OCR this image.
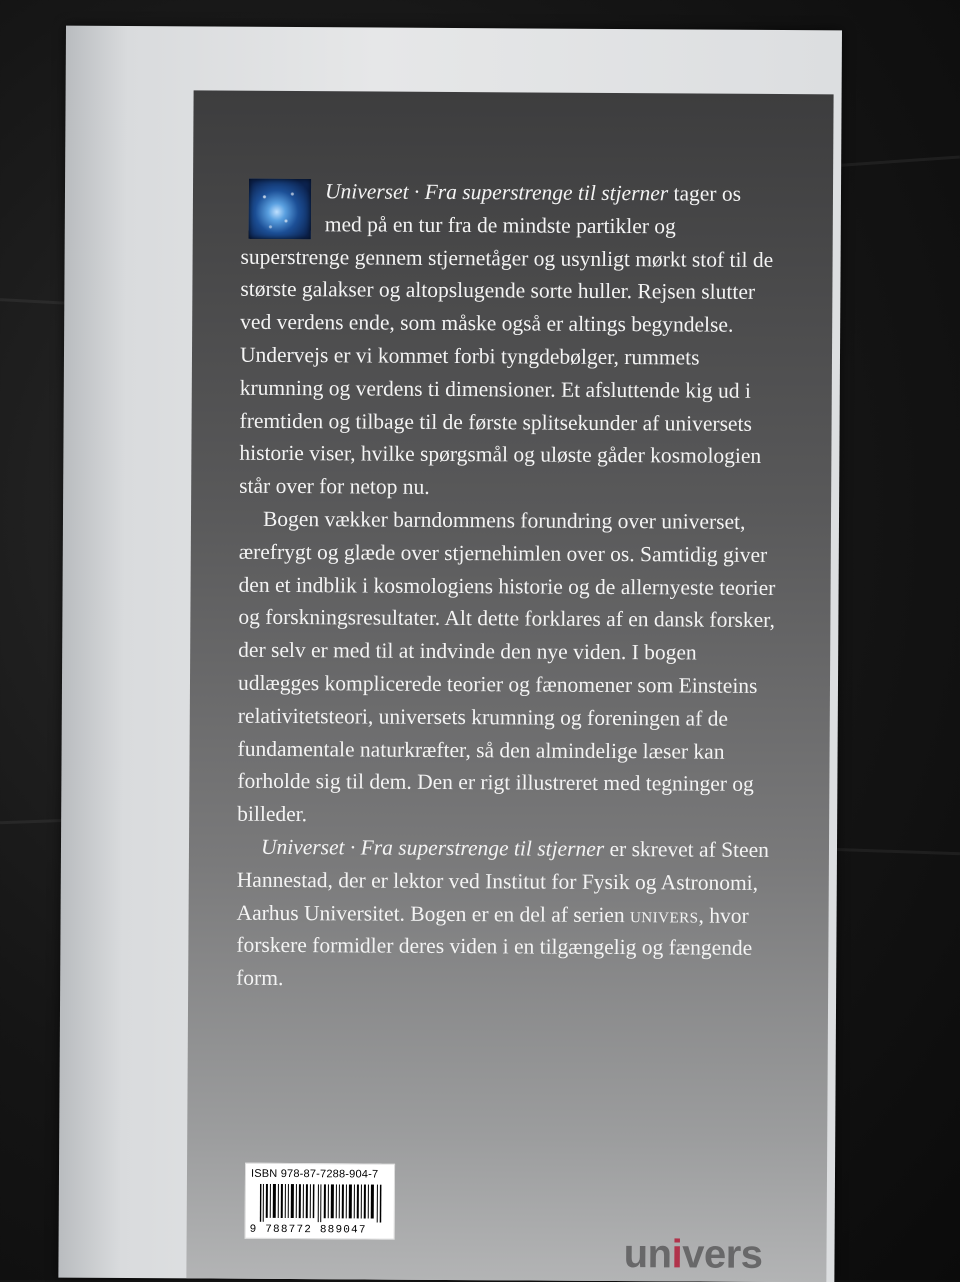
Universet · Fra superstrenge til stjerner tager os med på en tur fra de mindste partikler og superstrenge gennem stjernetåger og usynligt mørkt stof til de største galakser og altopslugende sorte huller. Rejsen slutter ved verdens ende, som måske også er altings begyndelse. Undervejs er vi kommet forbi tyngdebølger, rummets krumning og verdens ti dimensioner. Et afsluttende kig ud i fremtiden og tilbage til de første splitsekunder af universets historie viser, hvilke spørgsmål og uløste gåder kosmologien står over for netop nu.

Bogen vækker barndommens forundring over universet, ærefrygt og glæde over stjernehimlen over os. Samtidig giver den et indblik i kosmologiens historie og de allernyeste teorier og forskningsresultater. Alt dette forklares af en dansk forsker, der selv er med til at indvinde den nye viden. I bogen udlægges komplicerede teorier og fænomener som Einsteins relativitetsteori, universets krumning og foreningen af de fundamentale naturkræfter, så den almindelige læser kan forholde sig til dem. Den er rigt illustreret med tegninger og billeder.

Universet · Fra superstrenge til stjerner er skrevet af Steen Hannestad, der er lektor ved Institut for Fysik og Astronomi, Aarhus Universitet. Bogen er en del af serien univers, hvor forskere formidler deres viden i en tilgængelig og fængende form.

ISBN 978-87-7288-904-7
9 788772 889047
univers
